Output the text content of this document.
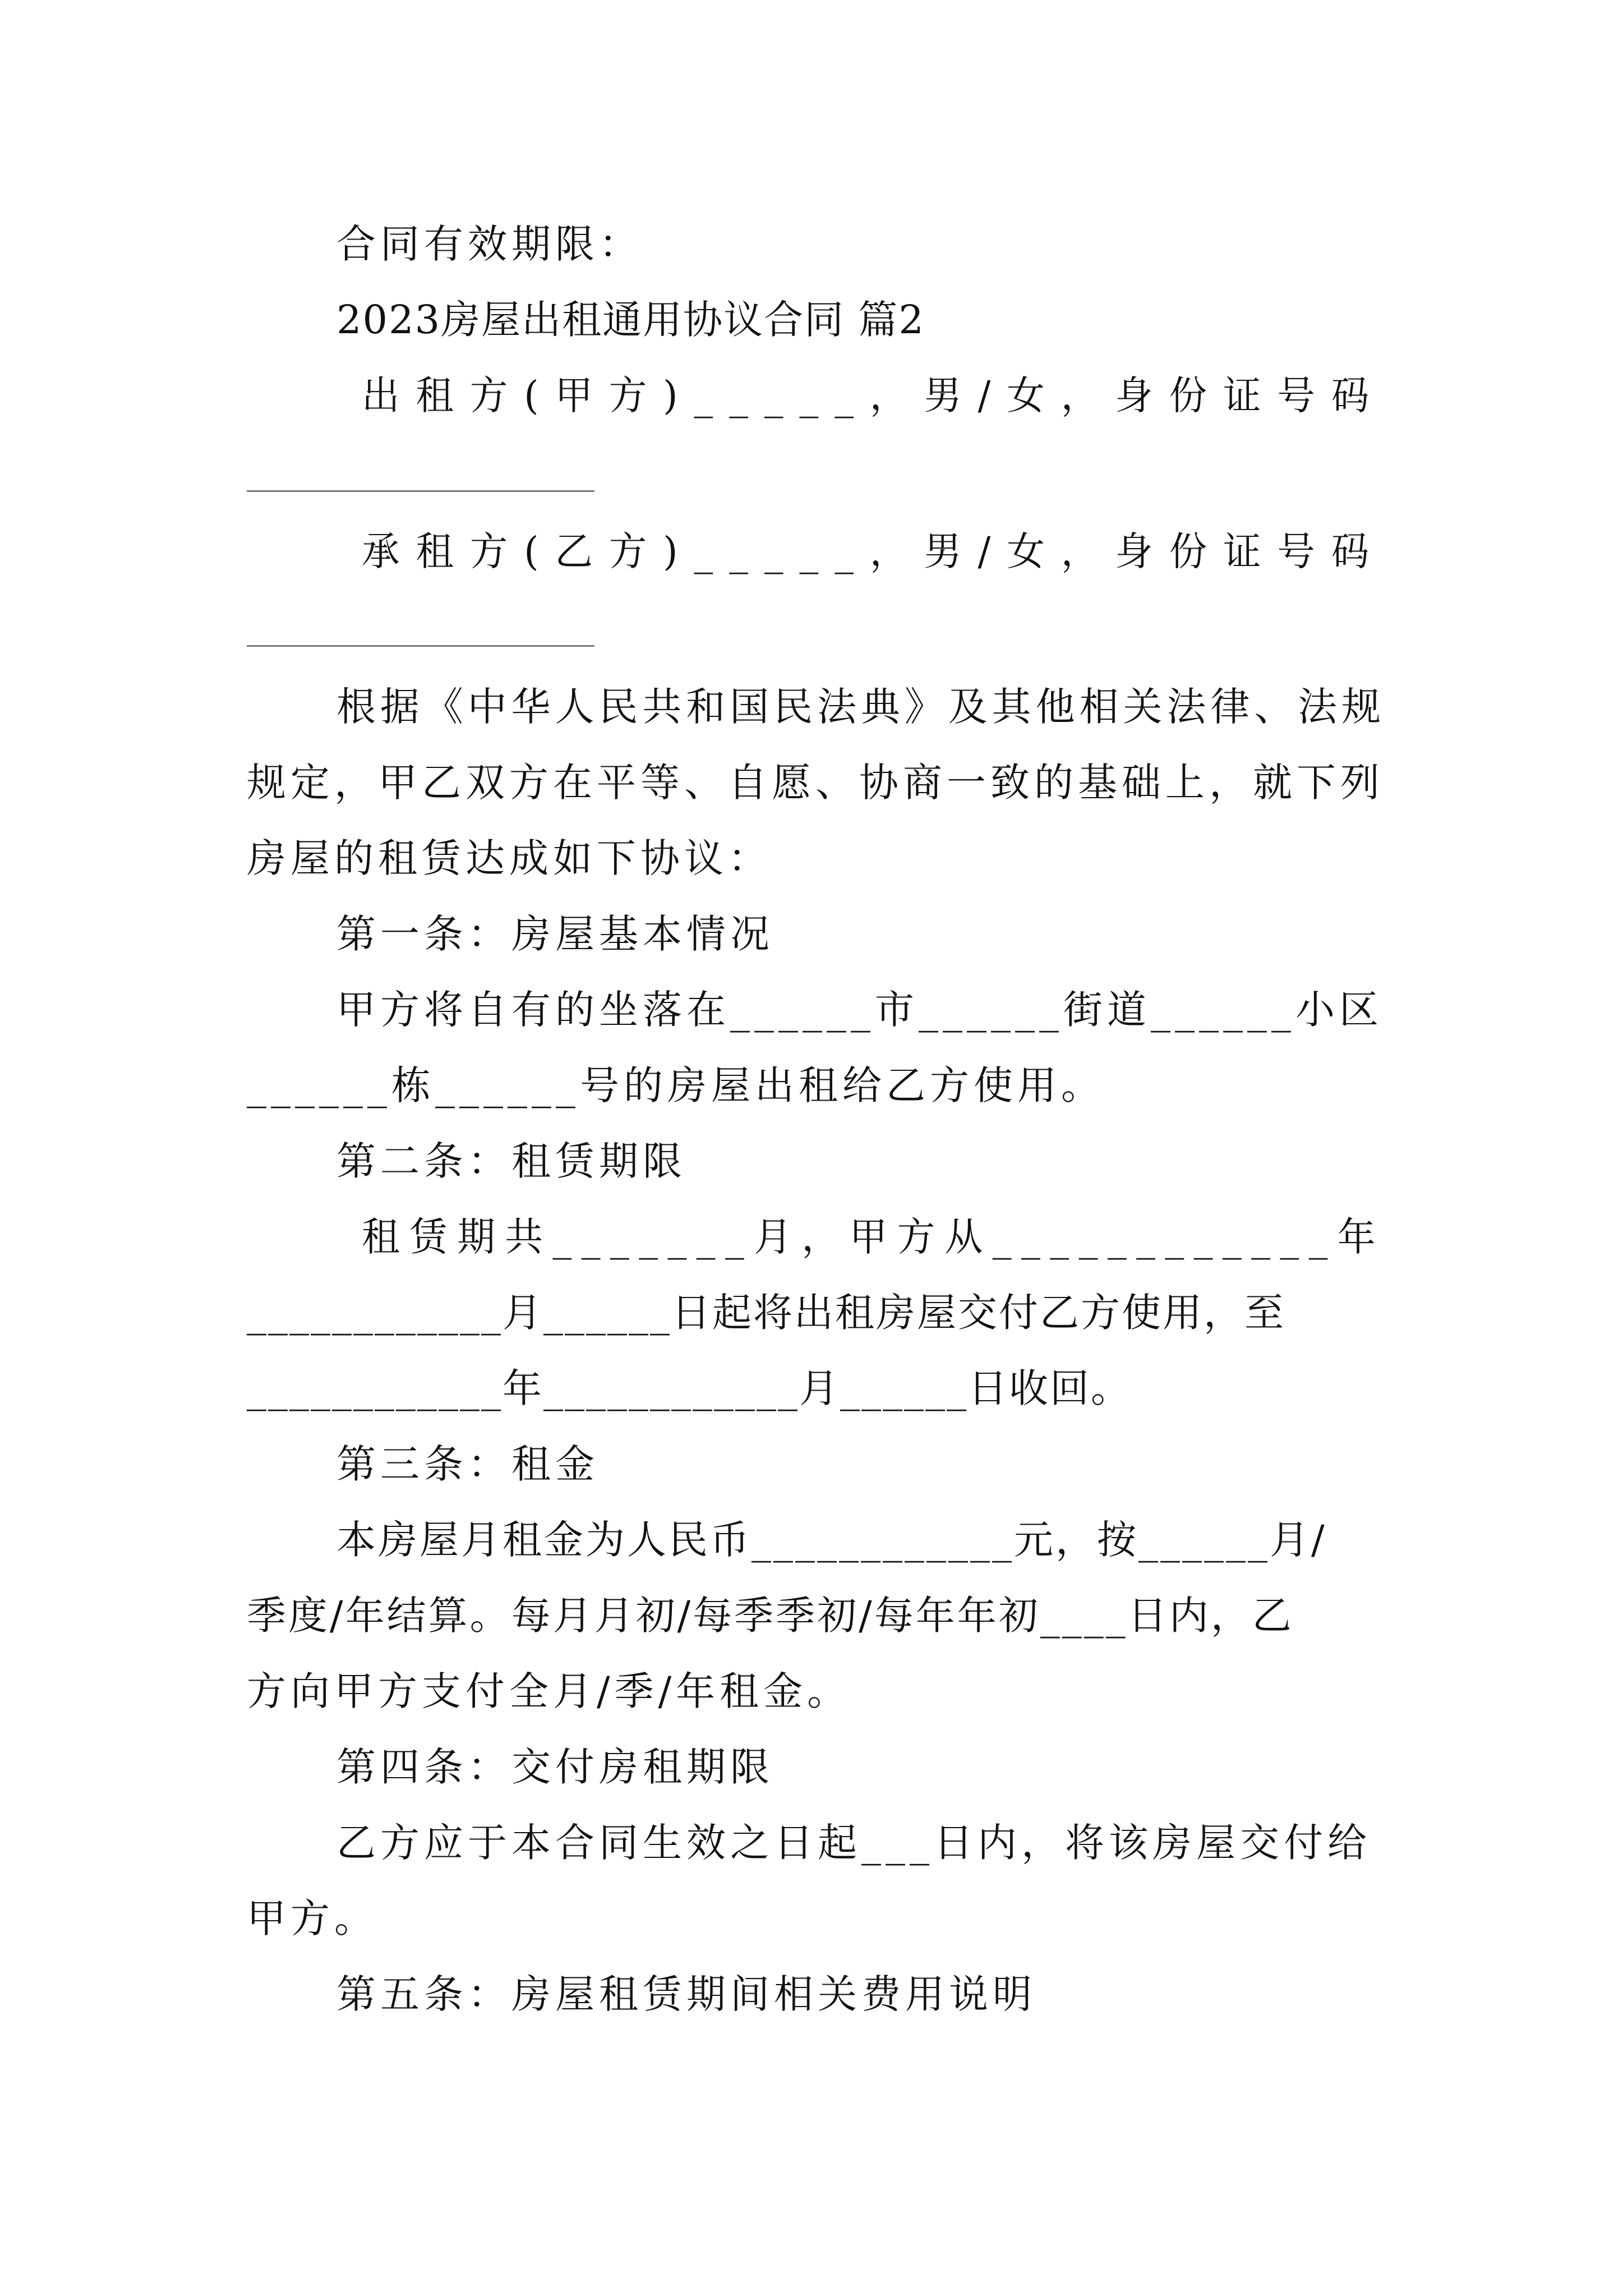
合同有效期限：
2023房屋出租通用协议合同 篇2
出租方(甲方)_____，男/女，身份证号码
承租方(乙方)_____，男/女，身份证号码
根据《中华人民共和国民法典》及其他相关法律、法规
规定，甲乙双方在平等、自愿、协商一致的基础上，就下列
房屋的租赁达成如下协议：
第一条：房屋基本情况
甲方将自有的坐落在______市______街道______小区
______栋______号的房屋出租给乙方使用。
第二条：租赁期限
租赁期共_______月，甲方从____________年
____________月______日起将出租房屋交付乙方使用，至
____________年____________月______日收回。
第三条：租金
本房屋月租金为人民币____________元，按______月/
季度/年结算。每月月初/每季季初/每年年初____日内，乙
方向甲方支付全月/季/年租金。
第四条：交付房租期限
乙方应于本合同生效之日起___日内，将该房屋交付给
甲方。
第五条：房屋租赁期间相关费用说明
